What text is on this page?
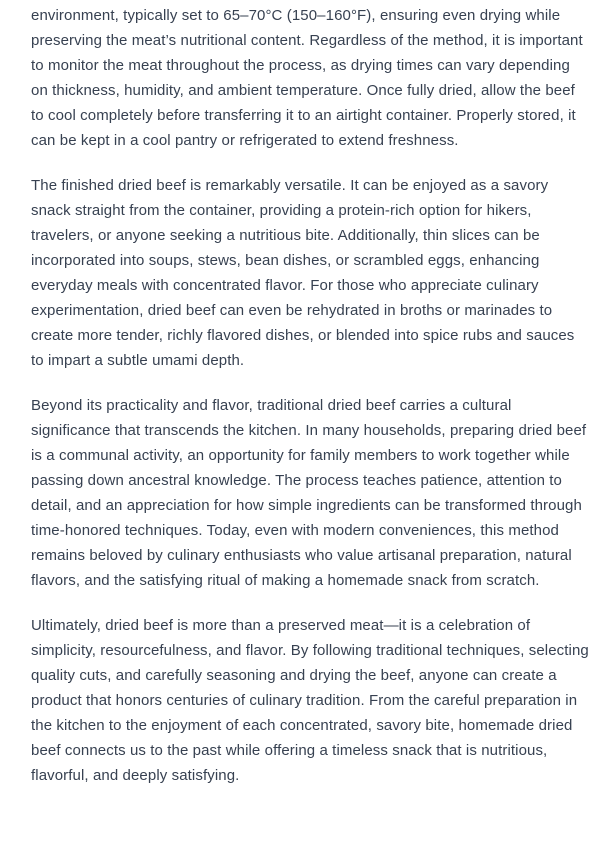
environment, typically set to 65–70°C (150–160°F), ensuring even drying while preserving the meat’s nutritional content. Regardless of the method, it is important to monitor the meat throughout the process, as drying times can vary depending on thickness, humidity, and ambient temperature. Once fully dried, allow the beef to cool completely before transferring it to an airtight container. Properly stored, it can be kept in a cool pantry or refrigerated to extend freshness.

The finished dried beef is remarkably versatile. It can be enjoyed as a savory snack straight from the container, providing a protein-rich option for hikers, travelers, or anyone seeking a nutritious bite. Additionally, thin slices can be incorporated into soups, stews, bean dishes, or scrambled eggs, enhancing everyday meals with concentrated flavor. For those who appreciate culinary experimentation, dried beef can even be rehydrated in broths or marinades to create more tender, richly flavored dishes, or blended into spice rubs and sauces to impart a subtle umami depth.

Beyond its practicality and flavor, traditional dried beef carries a cultural significance that transcends the kitchen. In many households, preparing dried beef is a communal activity, an opportunity for family members to work together while passing down ancestral knowledge. The process teaches patience, attention to detail, and an appreciation for how simple ingredients can be transformed through time-honored techniques. Today, even with modern conveniences, this method remains beloved by culinary enthusiasts who value artisanal preparation, natural flavors, and the satisfying ritual of making a homemade snack from scratch.

Ultimately, dried beef is more than a preserved meat—it is a celebration of simplicity, resourcefulness, and flavor. By following traditional techniques, selecting quality cuts, and carefully seasoning and drying the beef, anyone can create a product that honors centuries of culinary tradition. From the careful preparation in the kitchen to the enjoyment of each concentrated, savory bite, homemade dried beef connects us to the past while offering a timeless snack that is nutritious, flavorful, and deeply satisfying.
